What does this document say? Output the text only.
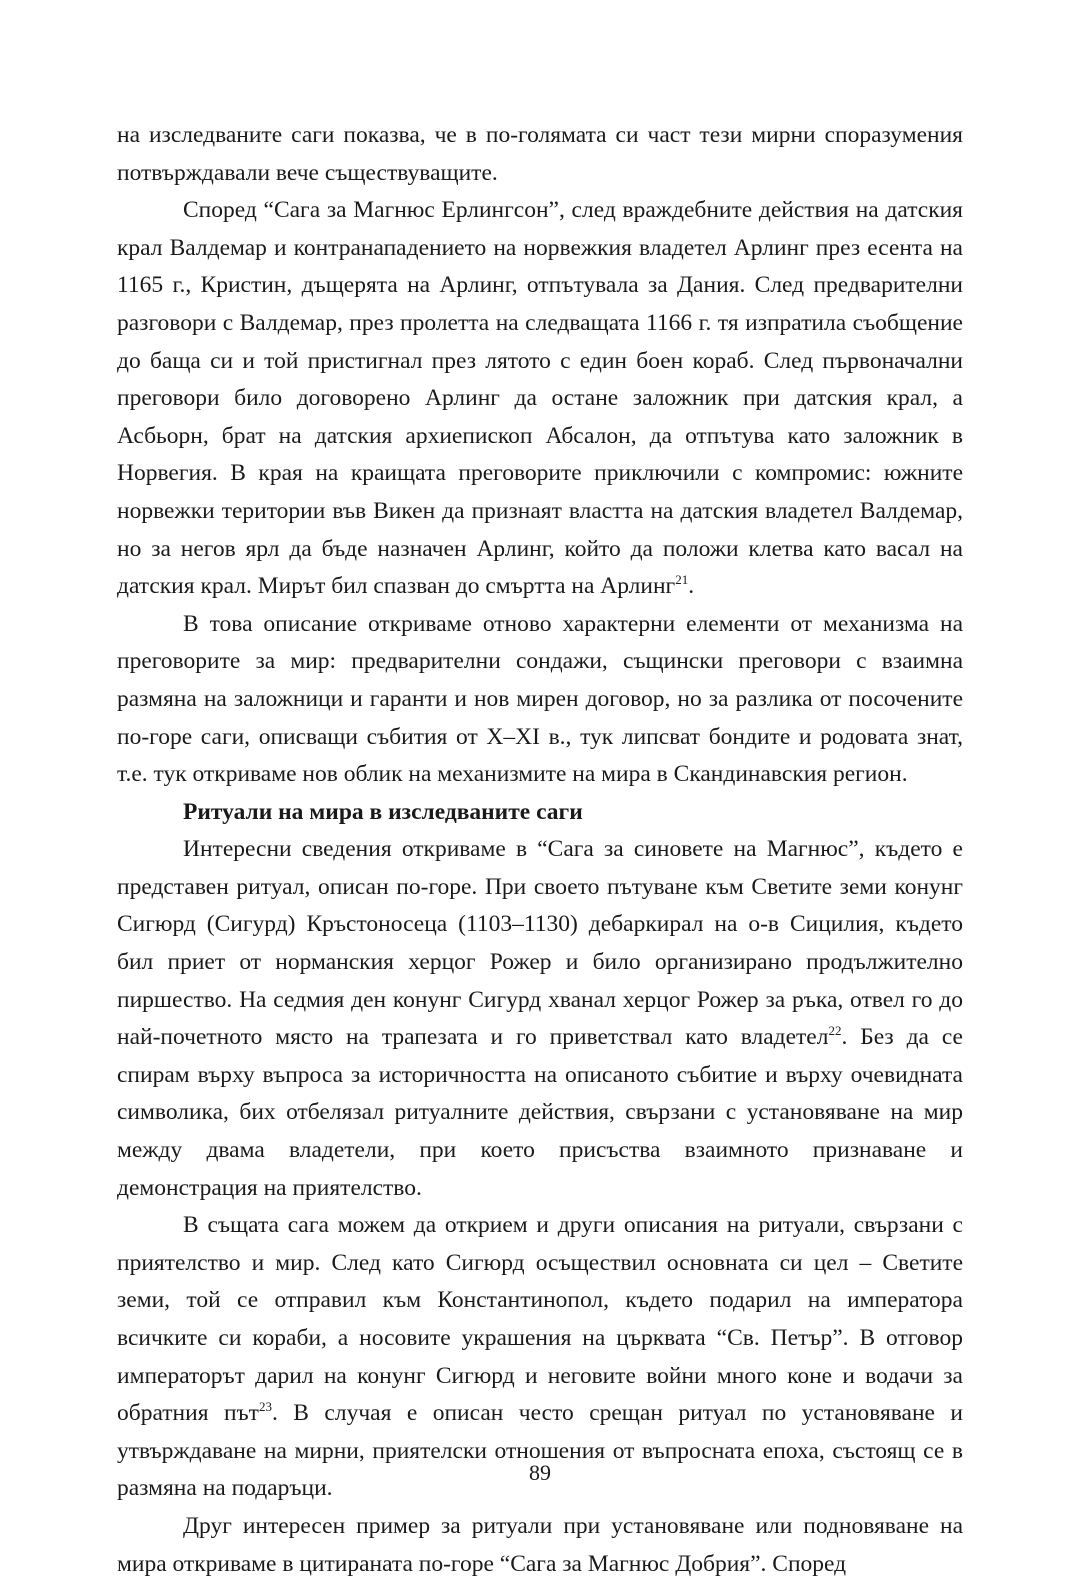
на изследваните саги показва, че в по-голямата си част тези мирни споразумения потвърждавали вече съществуващите.

Според “Сага за Магнюс Ерлингсон”, след враждебните действия на датския крал Валдемар и контранападението на норвежкия владетел Арлинг през есента на 1165 г., Кристин, дъщерята на Арлинг, отпътувала за Дания. След предварителни разговори с Валдемар, през пролетта на следващата 1166 г. тя изпратила съобщение до баща си и той пристигнал през лятото с един боен кораб. След първоначални преговори било договорено Арлинг да остане заложник при датския крал, а Асбьорн, брат на датския архиепископ Абсалон, да отпътува като заложник в Норвегия. В края на краищата преговорите приключили с компромис: южните норвежки територии във Викен да признаят властта на датския владетел Валдемар, но за негов ярл да бъде назначен Арлинг, който да положи клетва като васал на датския крал. Мирът бил спазван до смъртта на Арлинг$^{21}$.

В това описание откриваме отново характерни елементи от механизма на преговорите за мир: предварителни сондажи, същински преговори с взаимна размяна на заложници и гаранти и нов мирен договор, но за разлика от посочените по-горе саги, описващи събития от X–XI в., тук липсват бондите и родовата знат, т.е. тук откриваме нов облик на механизмите на мира в Скандинавския регион.

Ритуали на мира в изследваните саги

Интересни сведения откриваме в “Сага за синовете на Магнюс”, където е представен ритуал, описан по-горе. При своето пътуване към Светите земи конунг Сигюрд (Сигурд) Кръстоносеца (1103–1130) дебаркирал на о-в Сицилия, където бил приет от норманския херцог Рожер и било организирано продължително пиршество. На седмия ден конунг Сигурд хванал херцог Рожер за ръка, отвел го до най-почетното място на трапезата и го приветствал като владетел$^{22}$. Без да се спирам върху въпроса за историчността на описаното събитие и върху очевидната символика, бих отбелязал ритуалните действия, свързани с установяване на мир между двама владетели, при което присъства взаимното признаване и демонстрация на приятелство.

В същата сага можем да открием и други описания на ритуали, свързани с приятелство и мир. След като Сигюрд осъществил основната си цел – Светите земи, той се отправил към Константинопол, където подарил на императора всичките си кораби, а носовите украшения на църквата “Св. Петър”. В отговор императорът дарил на конунг Сигюрд и неговите войни много коне и водачи за обратния път$^{23}$. В случая е описан често срещан ритуал по установяване и утвърждаване на мирни, приятелски отношения от въпросната епоха, състоящ се в размяна на подаръци.

Друг интересен пример за ритуали при установяване или подновяване на мира откриваме в цитираната по-горе “Сага за Магнюс Добрия”. Според

89
